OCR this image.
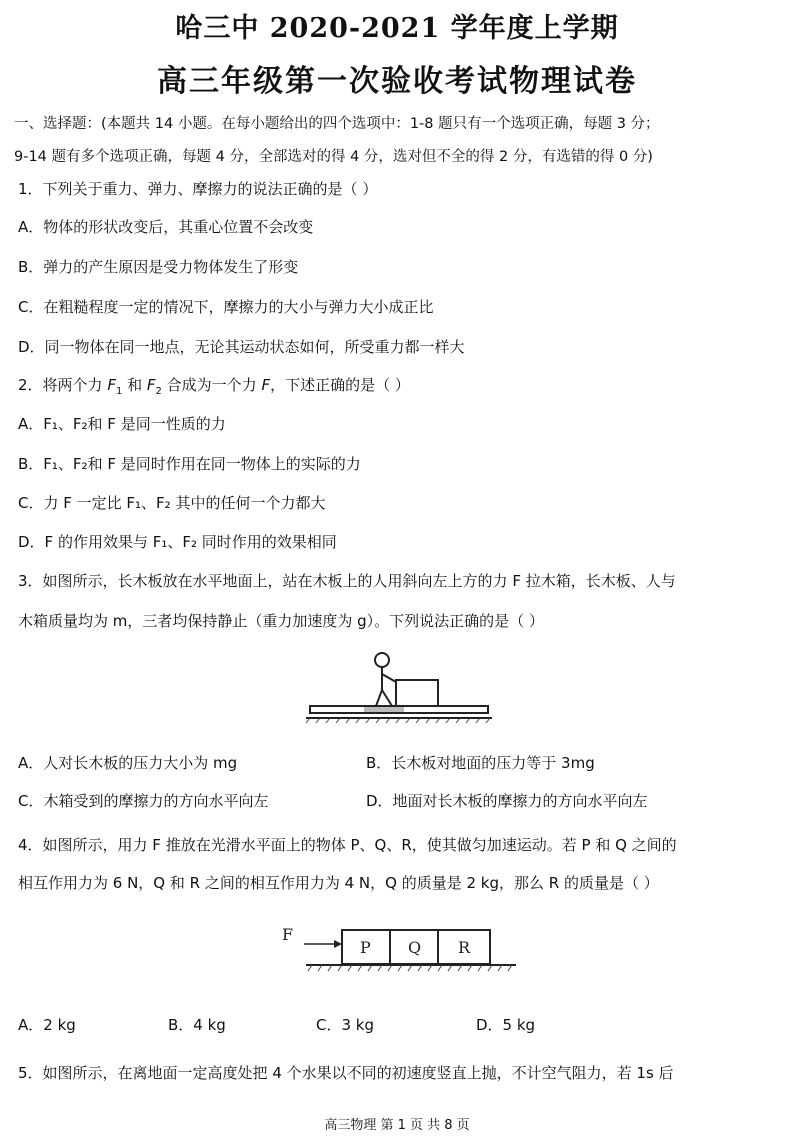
哈三中 2020-2021 学年度上学期
高三年级第一次验收考试物理试卷
一、选择题：(本题共 14 小题。在每小题给出的四个选项中：1-8 题只有一个选项正确，每题 3 分；
9-14 题有多个选项正确，每题 4 分，全部选对的得 4 分，选对但不全的得 2 分，有选错的得 0 分)
1．下列关于重力、弹力、摩擦力的说法正确的是（ ）
A．物体的形状改变后，其重心位置不会改变
B．弹力的产生原因是受力物体发生了形变
C．在粗糙程度一定的情况下，摩擦力的大小与弹力大小成正比
D．同一物体在同一地点，无论其运动状态如何，所受重力都一样大
2．将两个力 $F_1$ 和 $F_2$ 合成为一个力 F，下述正确的是（ ）
A．F₁、F₂和 F 是同一性质的力
B．F₁、F₂和 F 是同时作用在同一物体上的实际的力
C．力 F 一定比 F₁、F₂ 其中的任何一个力都大
D．F 的作用效果与 F₁、F₂ 同时作用的效果相同
3．如图所示，长木板放在水平地面上，站在木板上的人用斜向左上方的力 F 拉木箱，长木板、人与
木箱质量均为 m，三者均保持静止（重力加速度为 g）。下列说法正确的是（ ）
A．人对长木板的压力大小为 mg	B．长木板对地面的压力等于 3mg
C．木箱受到的摩擦力的方向水平向左	D．地面对长木板的摩擦力的方向水平向左
4．如图所示，用力 F 推放在光滑水平面上的物体 P、Q、R，使其做匀加速运动。若 P 和 Q 之间的
相互作用力为 6 N，Q 和 R 之间的相互作用力为 4 N，Q 的质量是 2 kg，那么 R 的质量是（ ）
F
P Q R
A．2 kg	B．4 kg	C．3 kg	D．5 kg
5．如图所示，在离地面一定高度处把 4 个水果以不同的初速度竖直上抛，不计空气阻力，若 1s 后
高三物理 第 1 页 共 8 页
